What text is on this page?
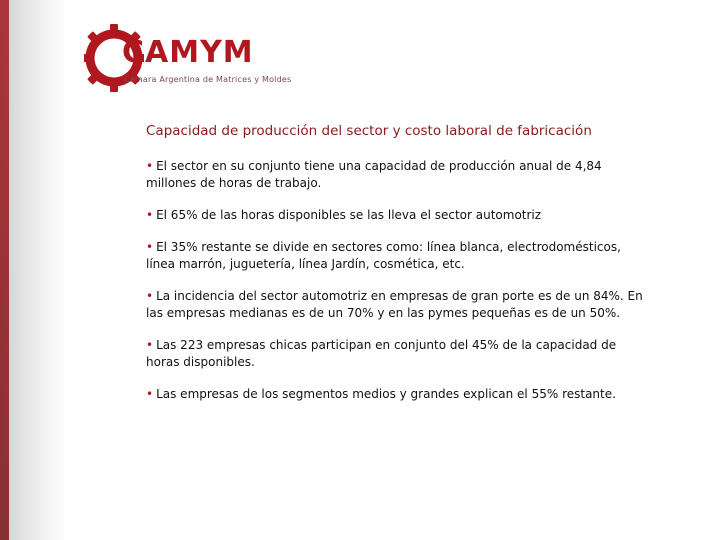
CAMYM
Cámara Argentina de Matrices y Moldes
Capacidad de producción del sector y costo laboral de fabricación
• El sector en su conjunto tiene una capacidad de producción anual de 4,84 millones de horas de trabajo.
• El 65% de las horas disponibles se las lleva el sector automotriz
• El 35% restante se divide en sectores como: línea blanca, electrodomésticos, línea marrón, juguetería, línea Jardín, cosmética, etc.
• La incidencia del sector automotriz en empresas de gran porte es de un 84%. En las empresas medianas es de un 70% y en las pymes pequeñas es de un 50%.
• Las 223 empresas chicas participan en conjunto del 45% de la capacidad de horas disponibles.
• Las empresas de los segmentos medios y grandes explican el 55% restante.
